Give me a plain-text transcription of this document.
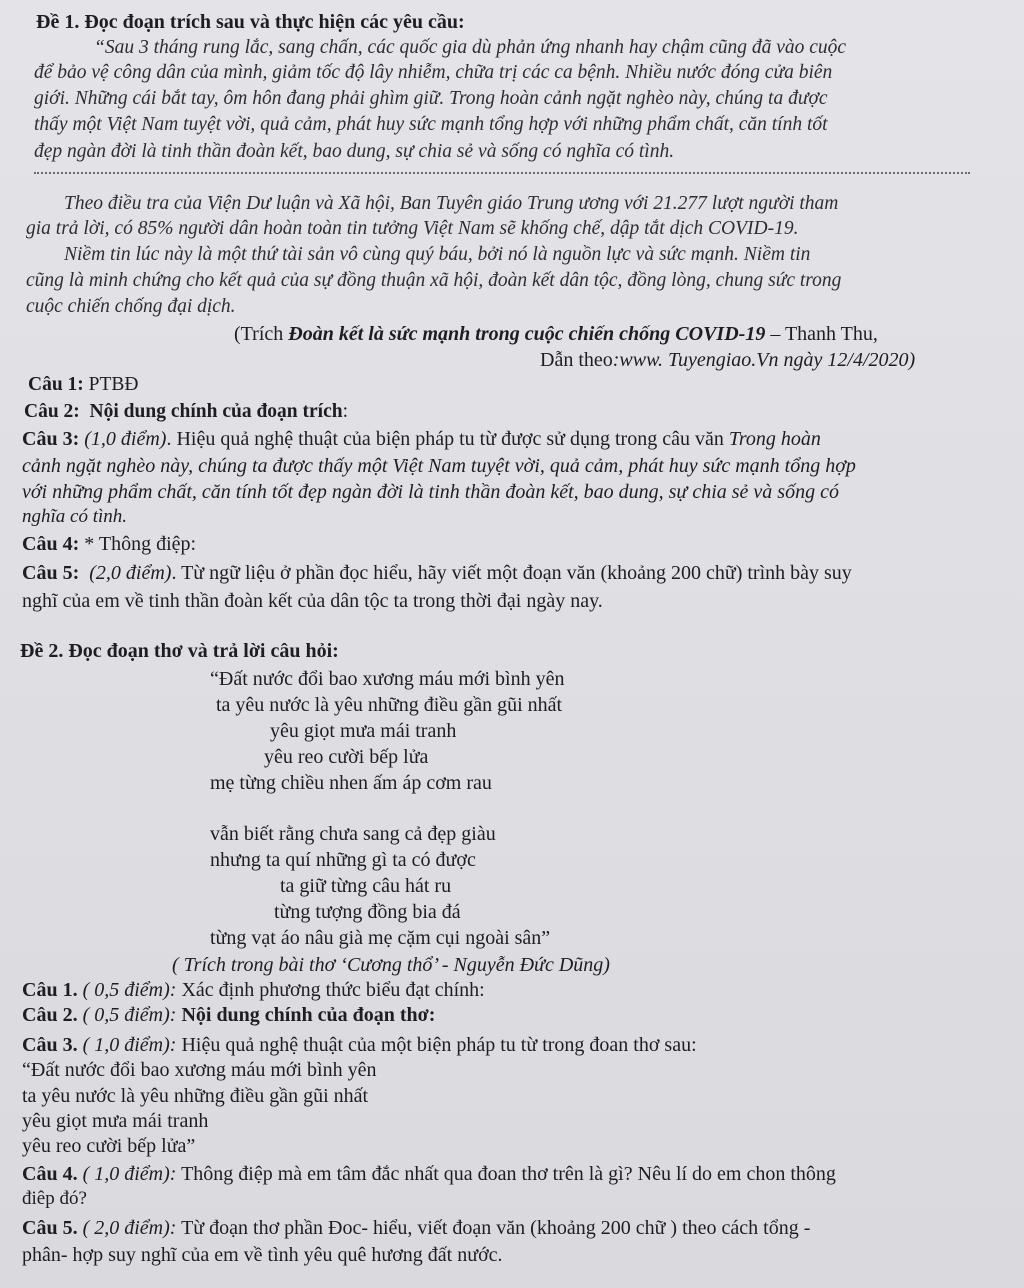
Đề 1. Đọc đoạn trích sau và thực hiện các yêu cầu:
“Sau 3 tháng rung lắc, sang chấn, các quốc gia dù phản ứng nhanh hay chậm cũng đã vào cuộc
để bảo vệ công dân của mình, giảm tốc độ lây nhiễm, chữa trị các ca bệnh. Nhiều nước đóng cửa biên
giới. Những cái bắt tay, ôm hôn đang phải ghìm giữ. Trong hoàn cảnh ngặt nghèo này, chúng ta được
thấy một Việt Nam tuyệt vời, quả cảm, phát huy sức mạnh tổng hợp với những phẩm chất, căn tính tốt
đẹp ngàn đời là tinh thần đoàn kết, bao dung, sự chia sẻ và sống có nghĩa có tình.
Theo điều tra của Viện Dư luận và Xã hội, Ban Tuyên giáo Trung ương với 21.277 lượt người tham
gia trả lời, có 85% người dân hoàn toàn tin tưởng Việt Nam sẽ khống chế, dập tắt dịch COVID-19.
Niềm tin lúc này là một thứ tài sản vô cùng quý báu, bởi nó là nguồn lực và sức mạnh. Niềm tin
cũng là minh chứng cho kết quả của sự đồng thuận xã hội, đoàn kết dân tộc, đồng lòng, chung sức trong
cuộc chiến chống đại dịch.
(Trích Đoàn kết là sức mạnh trong cuộc chiến chống COVID-19 – Thanh Thu,
Dẫn theo:www. Tuyengiao.Vn ngày 12/4/2020)
Câu 1: PTBĐ
Câu 2: Nội dung chính của đoạn trích:
Câu 3: (1,0 điểm). Hiệu quả nghệ thuật của biện pháp tu từ được sử dụng trong câu văn Trong hoàn
cảnh ngặt nghèo này, chúng ta được thấy một Việt Nam tuyệt vời, quả cảm, phát huy sức mạnh tổng hợp
với những phẩm chất, căn tính tốt đẹp ngàn đời là tinh thần đoàn kết, bao dung, sự chia sẻ và sống có
nghĩa có tình.
Câu 4: * Thông điệp:
Câu 5: (2,0 điểm). Từ ngữ liệu ở phần đọc hiểu, hãy viết một đoạn văn (khoảng 200 chữ) trình bày suy
nghĩ của em về tinh thần đoàn kết của dân tộc ta trong thời đại ngày nay.
Đề 2. Đọc đoạn thơ và trả lời câu hỏi:
“Đất nước đổi bao xương máu mới bình yên
ta yêu nước là yêu những điều gần gũi nhất
yêu giọt mưa mái tranh
yêu reo cười bếp lửa
mẹ từng chiều nhen ấm áp cơm rau
vẫn biết rằng chưa sang cả đẹp giàu
nhưng ta quí những gì ta có được
ta giữ từng câu hát ru
từng tượng đồng bia đá
từng vạt áo nâu già mẹ cặm cụi ngoài sân”
( Trích trong bài thơ ‘Cương thổ’ - Nguyễn Đức Dũng)
Câu 1. ( 0,5 điểm): Xác định phương thức biểu đạt chính:
Câu 2. ( 0,5 điểm): Nội dung chính của đoạn thơ:
Câu 3. ( 1,0 điểm): Hiệu quả nghệ thuật của một biện pháp tu từ trong đoan thơ sau:
“Đất nước đổi bao xương máu mới bình yên
ta yêu nước là yêu những điều gần gũi nhất
yêu giọt mưa mái tranh
yêu reo cười bếp lửa”
Câu 4. ( 1,0 điểm): Thông điệp mà em tâm đắc nhất qua đoan thơ trên là gì? Nêu lí do em chon thông
điêp đó?
Câu 5. ( 2,0 điểm): Từ đoạn thơ phần Đoc- hiểu, viết đoạn văn (khoảng 200 chữ ) theo cách tổng -
phân- hợp suy nghĩ của em về tình yêu quê hương đất nước.
